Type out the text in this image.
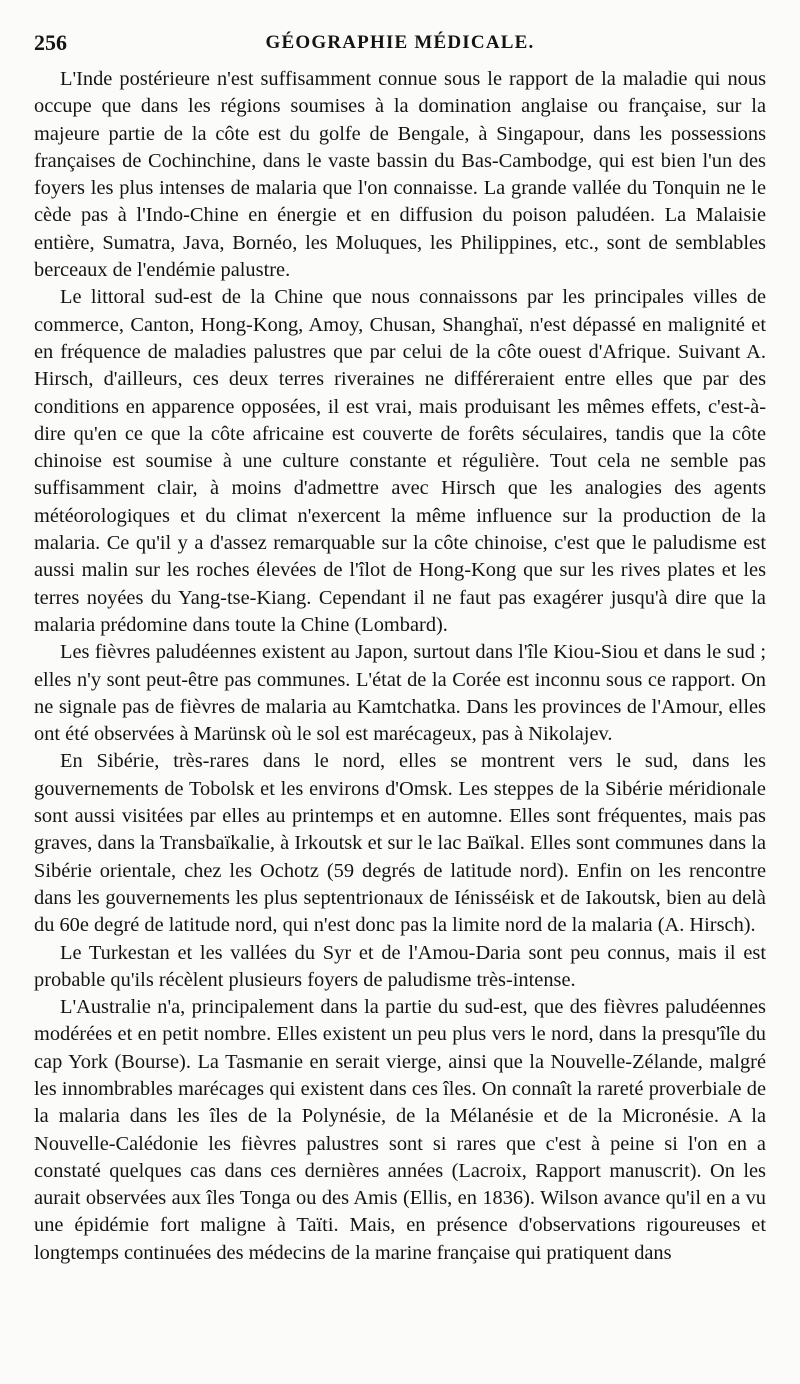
256	GÉOGRAPHIE MÉDICALE.

L'Inde postérieure n'est suffisamment connue sous le rapport de la maladie qui nous occupe que dans les régions soumises à la domination anglaise ou française, sur la majeure partie de la côte est du golfe de Bengale, à Singapour, dans les possessions françaises de Cochinchine, dans le vaste bassin du Bas-Cambodge, qui est bien l'un des foyers les plus intenses de malaria que l'on connaisse. La grande vallée du Tonquin ne le cède pas à l'Indo-Chine en énergie et en diffusion du poison paludéen. La Malaisie entière, Sumatra, Java, Bornéo, les Moluques, les Philippines, etc., sont de semblables berceaux de l'endémie palustre.

Le littoral sud-est de la Chine que nous connaissons par les principales villes de commerce, Canton, Hong-Kong, Amoy, Chusan, Shanghaï, n'est dépassé en malignité et en fréquence de maladies palustres que par celui de la côte ouest d'Afrique. Suivant A. Hirsch, d'ailleurs, ces deux terres riveraines ne différeraient entre elles que par des conditions en apparence opposées, il est vrai, mais produisant les mêmes effets, c'est-à-dire qu'en ce que la côte africaine est couverte de forêts séculaires, tandis que la côte chinoise est soumise à une culture constante et régulière. Tout cela ne semble pas suffisamment clair, à moins d'admettre avec Hirsch que les analogies des agents météorologiques et du climat n'exercent la même influence sur la production de la malaria. Ce qu'il y a d'assez remarquable sur la côte chinoise, c'est que le paludisme est aussi malin sur les roches élevées de l'îlot de Hong-Kong que sur les rives plates et les terres noyées du Yang-tse-Kiang. Cependant il ne faut pas exagérer jusqu'à dire que la malaria prédomine dans toute la Chine (Lombard).

Les fièvres paludéennes existent au Japon, surtout dans l'île Kiou-Siou et dans le sud ; elles n'y sont peut-être pas communes. L'état de la Corée est inconnu sous ce rapport. On ne signale pas de fièvres de malaria au Kamtchatka. Dans les provinces de l'Amour, elles ont été observées à Marünsk où le sol est marécageux, pas à Nikolajev.

En Sibérie, très-rares dans le nord, elles se montrent vers le sud, dans les gouvernements de Tobolsk et les environs d'Omsk. Les steppes de la Sibérie méridionale sont aussi visitées par elles au printemps et en automne. Elles sont fréquentes, mais pas graves, dans la Transbaïkalie, à Irkoutsk et sur le lac Baïkal. Elles sont communes dans la Sibérie orientale, chez les Ochotz (59 degrés de latitude nord). Enfin on les rencontre dans les gouvernements les plus septentrionaux de Iénisséisk et de Iakoutsk, bien au delà du 60e degré de latitude nord, qui n'est donc pas la limite nord de la malaria (A. Hirsch).

Le Turkestan et les vallées du Syr et de l'Amou-Daria sont peu connus, mais il est probable qu'ils récèlent plusieurs foyers de paludisme très-intense.

L'Australie n'a, principalement dans la partie du sud-est, que des fièvres paludéennes modérées et en petit nombre. Elles existent un peu plus vers le nord, dans la presqu'île du cap York (Bourse). La Tasmanie en serait vierge, ainsi que la Nouvelle-Zélande, malgré les innombrables marécages qui existent dans ces îles. On connaît la rareté proverbiale de la malaria dans les îles de la Polynésie, de la Mélanésie et de la Micronésie. A la Nouvelle-Calédonie les fièvres palustres sont si rares que c'est à peine si l'on en a constaté quelques cas dans ces dernières années (Lacroix, Rapport manuscrit). On les aurait observées aux îles Tonga ou des Amis (Ellis, en 1836). Wilson avance qu'il en a vu une épidémie fort maligne à Taïti. Mais, en présence d'observations rigoureuses et longtemps continuées des médecins de la marine française qui pratiquent dans
